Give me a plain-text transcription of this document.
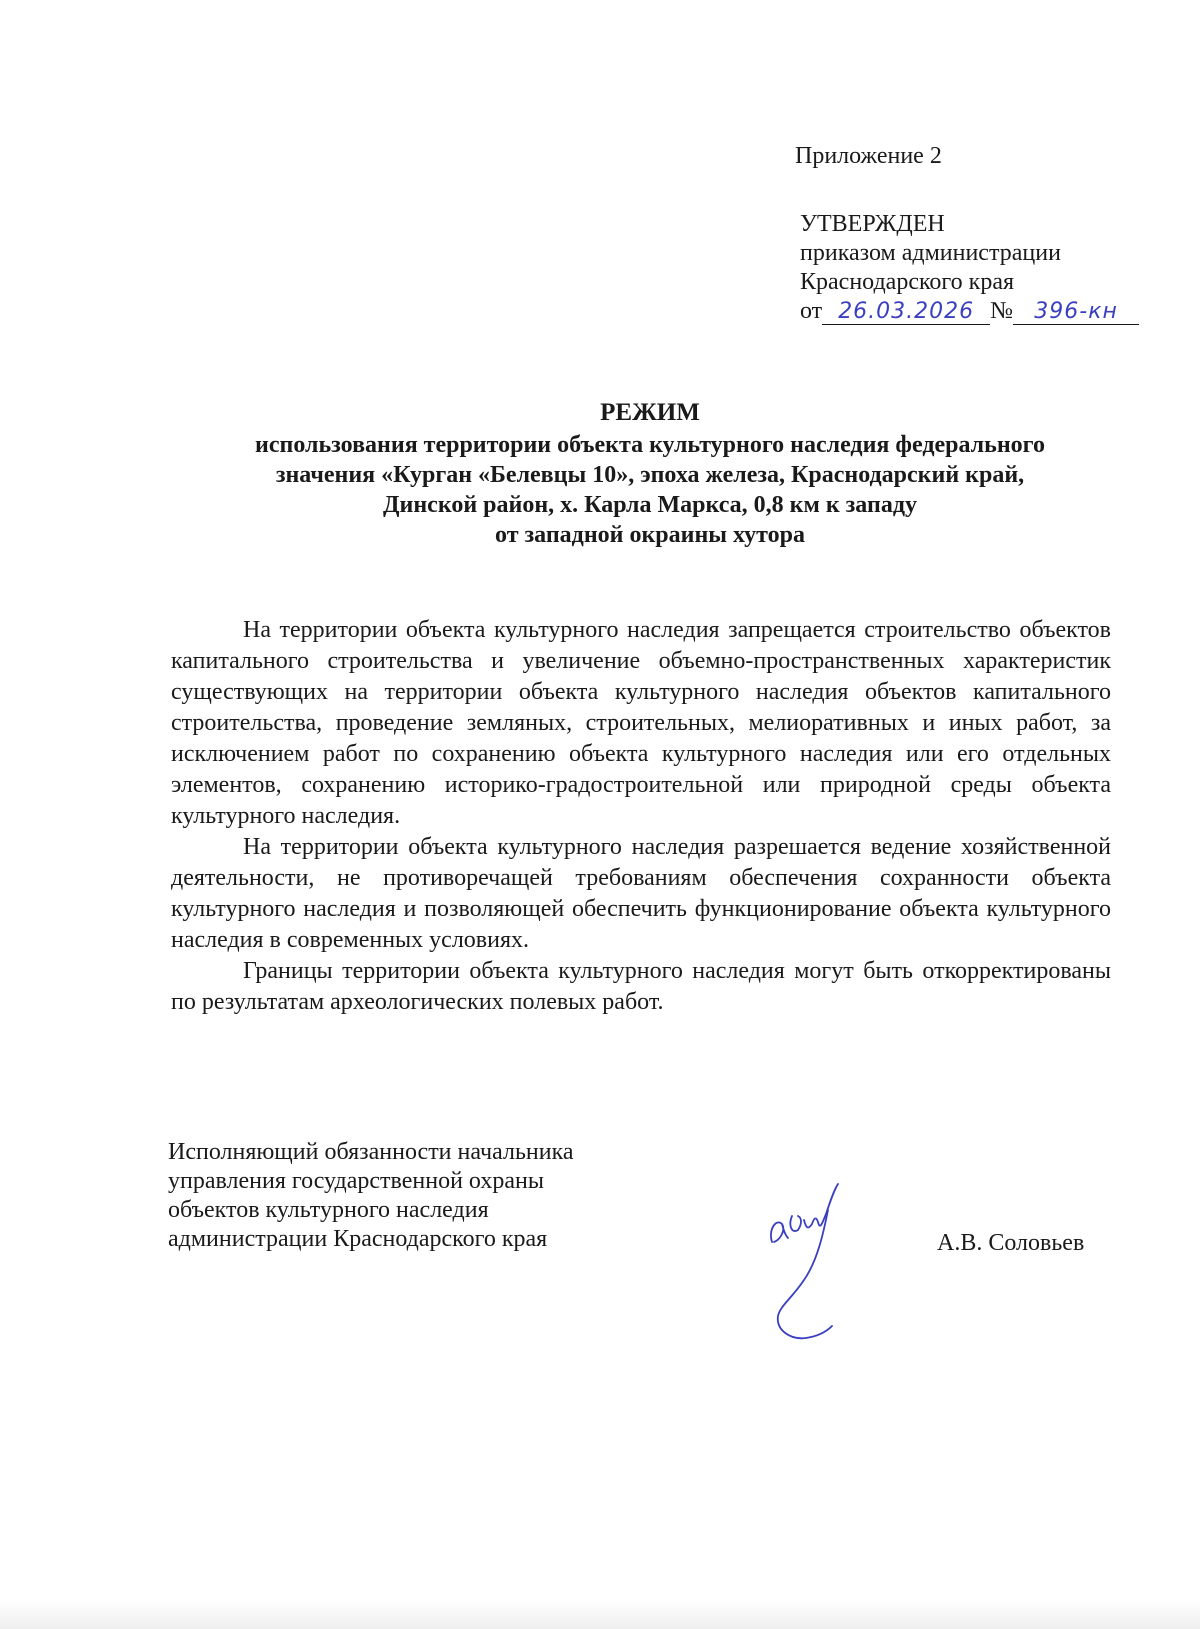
Приложение 2
УТВЕРЖДЕН
приказом администрации
Краснодарского края
от 26.03.2026 № 396-кн
РЕЖИМ
использования территории объекта культурного наследия федерального
значения «Курган «Белевцы 10», эпоха железа, Краснодарский край,
Динской район, х. Карла Маркса, 0,8 км к западу
от западной окраины хутора

На территории объекта культурного наследия запрещается строительство объектов капитального строительства и увеличение объемно-пространственных характеристик существующих на территории объекта культурного наследия объектов капитального строительства, проведение земляных, строительных, мелиоративных и иных работ, за исключением работ по сохранению объекта культурного наследия или его отдельных элементов, сохранению историко-градостроительной или природной среды объекта культурного наследия.

На территории объекта культурного наследия разрешается ведение хозяйственной деятельности, не противоречащей требованиям обеспечения сохранности объекта культурного наследия и позволяющей обеспечить функционирование объекта культурного наследия в современных условиях.

Границы территории объекта культурного наследия могут быть откорректированы по результатам археологических полевых работ.

Исполняющий обязанности начальника
управления государственной охраны
объектов культурного наследия
администрации Краснодарского края	А.В. Соловьев
